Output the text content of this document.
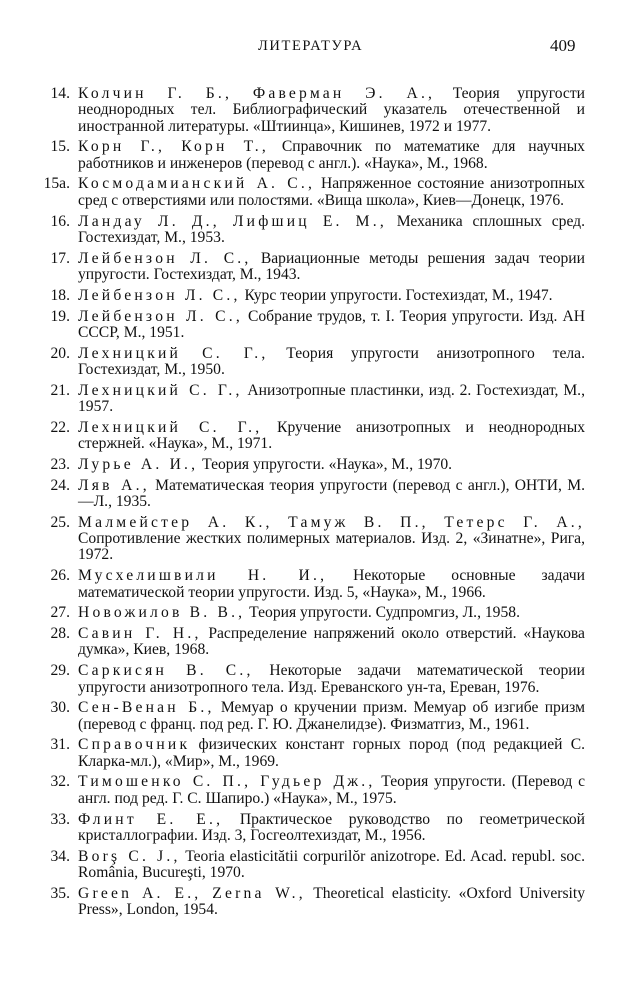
ЛИТЕРАТУРА	409
14. Колчин Г. Б., Фаверман Э. А., Теория упругости неоднородных тел. Библиографический указатель отечественной и иностранной литературы. «Штиинца», Кишинев, 1972 и 1977.
15. Корн Г., Корн Т., Справочник по математике для научных работников и инженеров (перевод с англ.). «Наука», М., 1968.
15а. Космодамианский А. С., Напряженное состояние анизотропных сред с отверстиями или полостями. «Вища школа», Киев—Донецк, 1976.
16. Ландау Л. Д., Лифшиц Е. М., Механика сплошных сред. Гостехиздат, М., 1953.
17. Лейбензон Л. С., Вариационные методы решения задач теории упругости. Гостехиздат, М., 1943.
18. Лейбензон Л. С., Курс теории упругости. Гостехиздат, М., 1947.
19. Лейбензон Л. С., Собрание трудов, т. I. Теория упругости. Изд. АН СССР, М., 1951.
20. Лехницкий С. Г., Теория упругости анизотропного тела. Гостехиздат, М., 1950.
21. Лехницкий С. Г., Анизотропные пластинки, изд. 2. Гостехиздат, М., 1957.
22. Лехницкий С. Г., Кручение анизотропных и неоднородных стержней. «Наука», М., 1971.
23. Лурье А. И., Теория упругости. «Наука», М., 1970.
24. Ляв А., Математическая теория упругости (перевод с англ.), ОНТИ, М. —Л., 1935.
25. Малмейстер А. К., Тамуж В. П., Тетерс Г. А., Сопротивление жестких полимерных материалов. Изд. 2, «Зинатне», Рига, 1972.
26. Мусхелишвили Н. И., Некоторые основные задачи математической теории упругости. Изд. 5, «Наука», М., 1966.
27. Новожилов В. В., Теория упругости. Судпромгиз, Л., 1958.
28. Савин Г. Н., Распределение напряжений около отверстий. «Наукова думка», Киев, 1968.
29. Саркисян В. С., Некоторые задачи математической теории упругости анизотропного тела. Изд. Ереванского ун-та, Ереван, 1976.
30. Сен-Венан Б., Мемуар о кручении призм. Мемуар об изгибе призм (перевод с франц. под ред. Г. Ю. Джанелидзе). Физматгиз, М., 1961.
31. Справочник физических констант горных пород (под редакцией С. Кларка-мл.), «Мир», М., 1969.
32. Тимошенко С. П., Гудьер Дж., Теория упругости. (Перевод с англ. под ред. Г. С. Шапиро.) «Наука», М., 1975.
33. Флинт Е. Е., Практическое руководство по геометрической кристаллографии. Изд. 3, Госгеолтехиздат, М., 1956.
34. Borş C. J., Teoria elasticitătii corpurilŏr anizotrope. Ed. Acad. republ. soc. România, Bucureşti, 1970.
35. Green A. E., Zerna W., Theoretical elasticity. «Oxford University Press», London, 1954.
